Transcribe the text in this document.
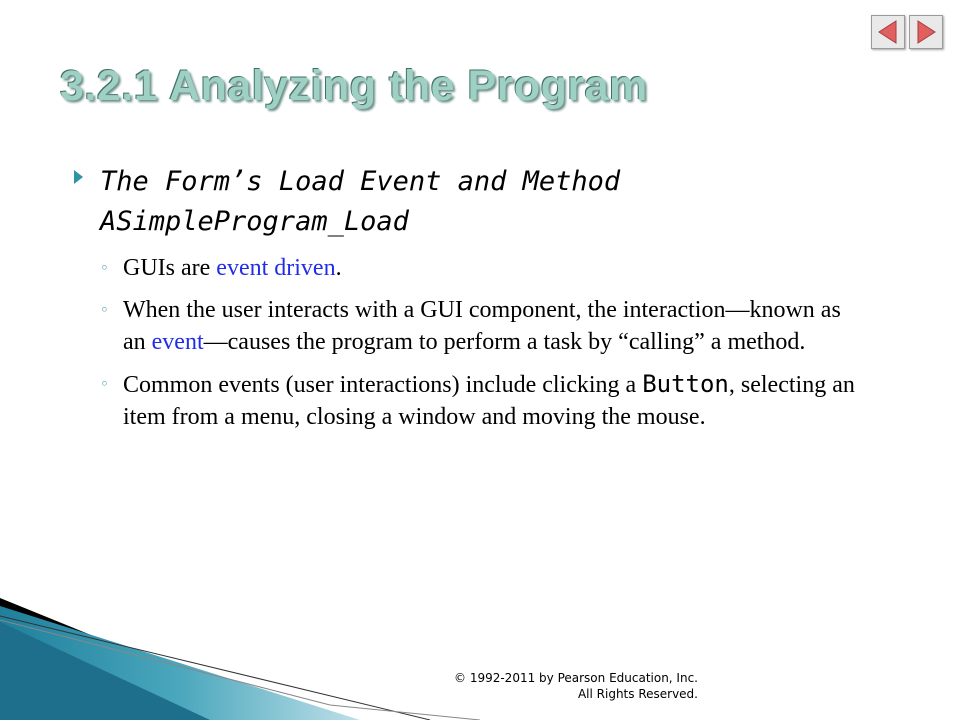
3.2.1 Analyzing the Program
The Form’s Load Event and Method
ASimpleProgram_Load
◦ GUIs are event driven.
◦ When the user interacts with a GUI component, the interaction—known as an event—causes the program to perform a task by “calling” a method.
◦ Common events (user interactions) include clicking a Button, selecting an item from a menu, closing a window and moving the mouse.
© 1992-2011 by Pearson Education, Inc.
All Rights Reserved.
